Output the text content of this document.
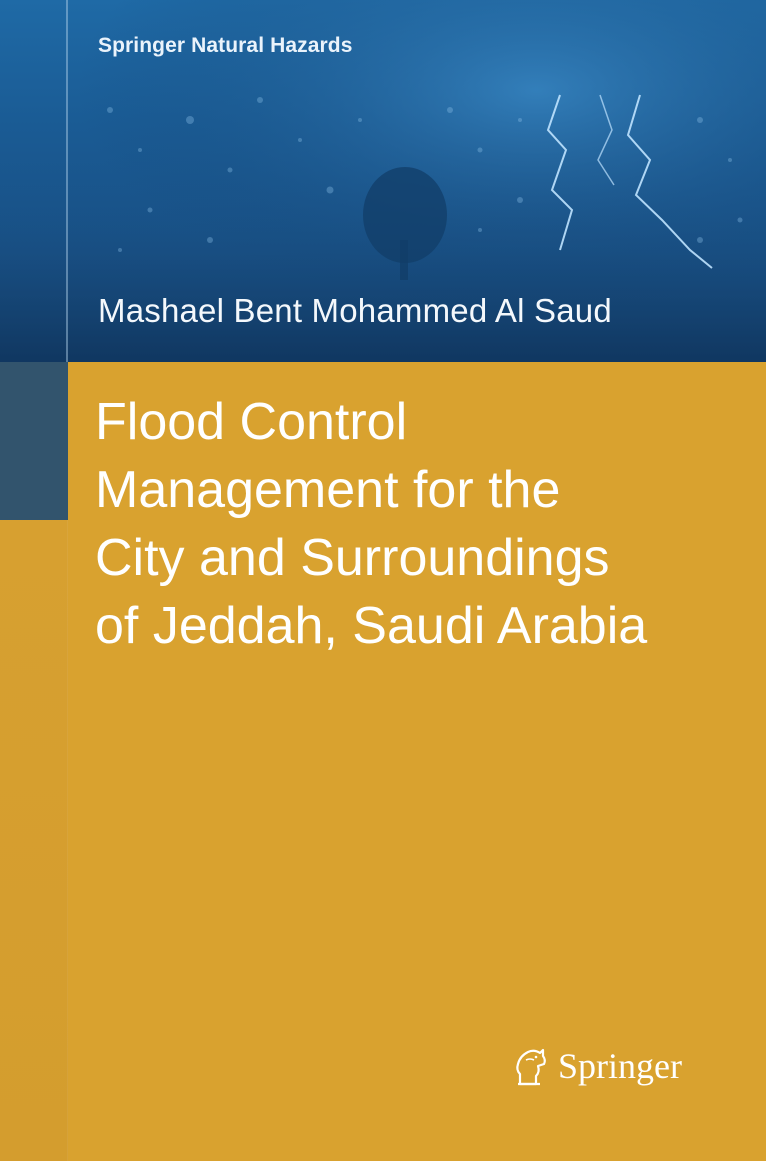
Springer Natural Hazards
Mashael Bent Mohammed Al Saud
Flood Control
Management for the
City and Surroundings
of Jeddah, Saudi Arabia
Springer
